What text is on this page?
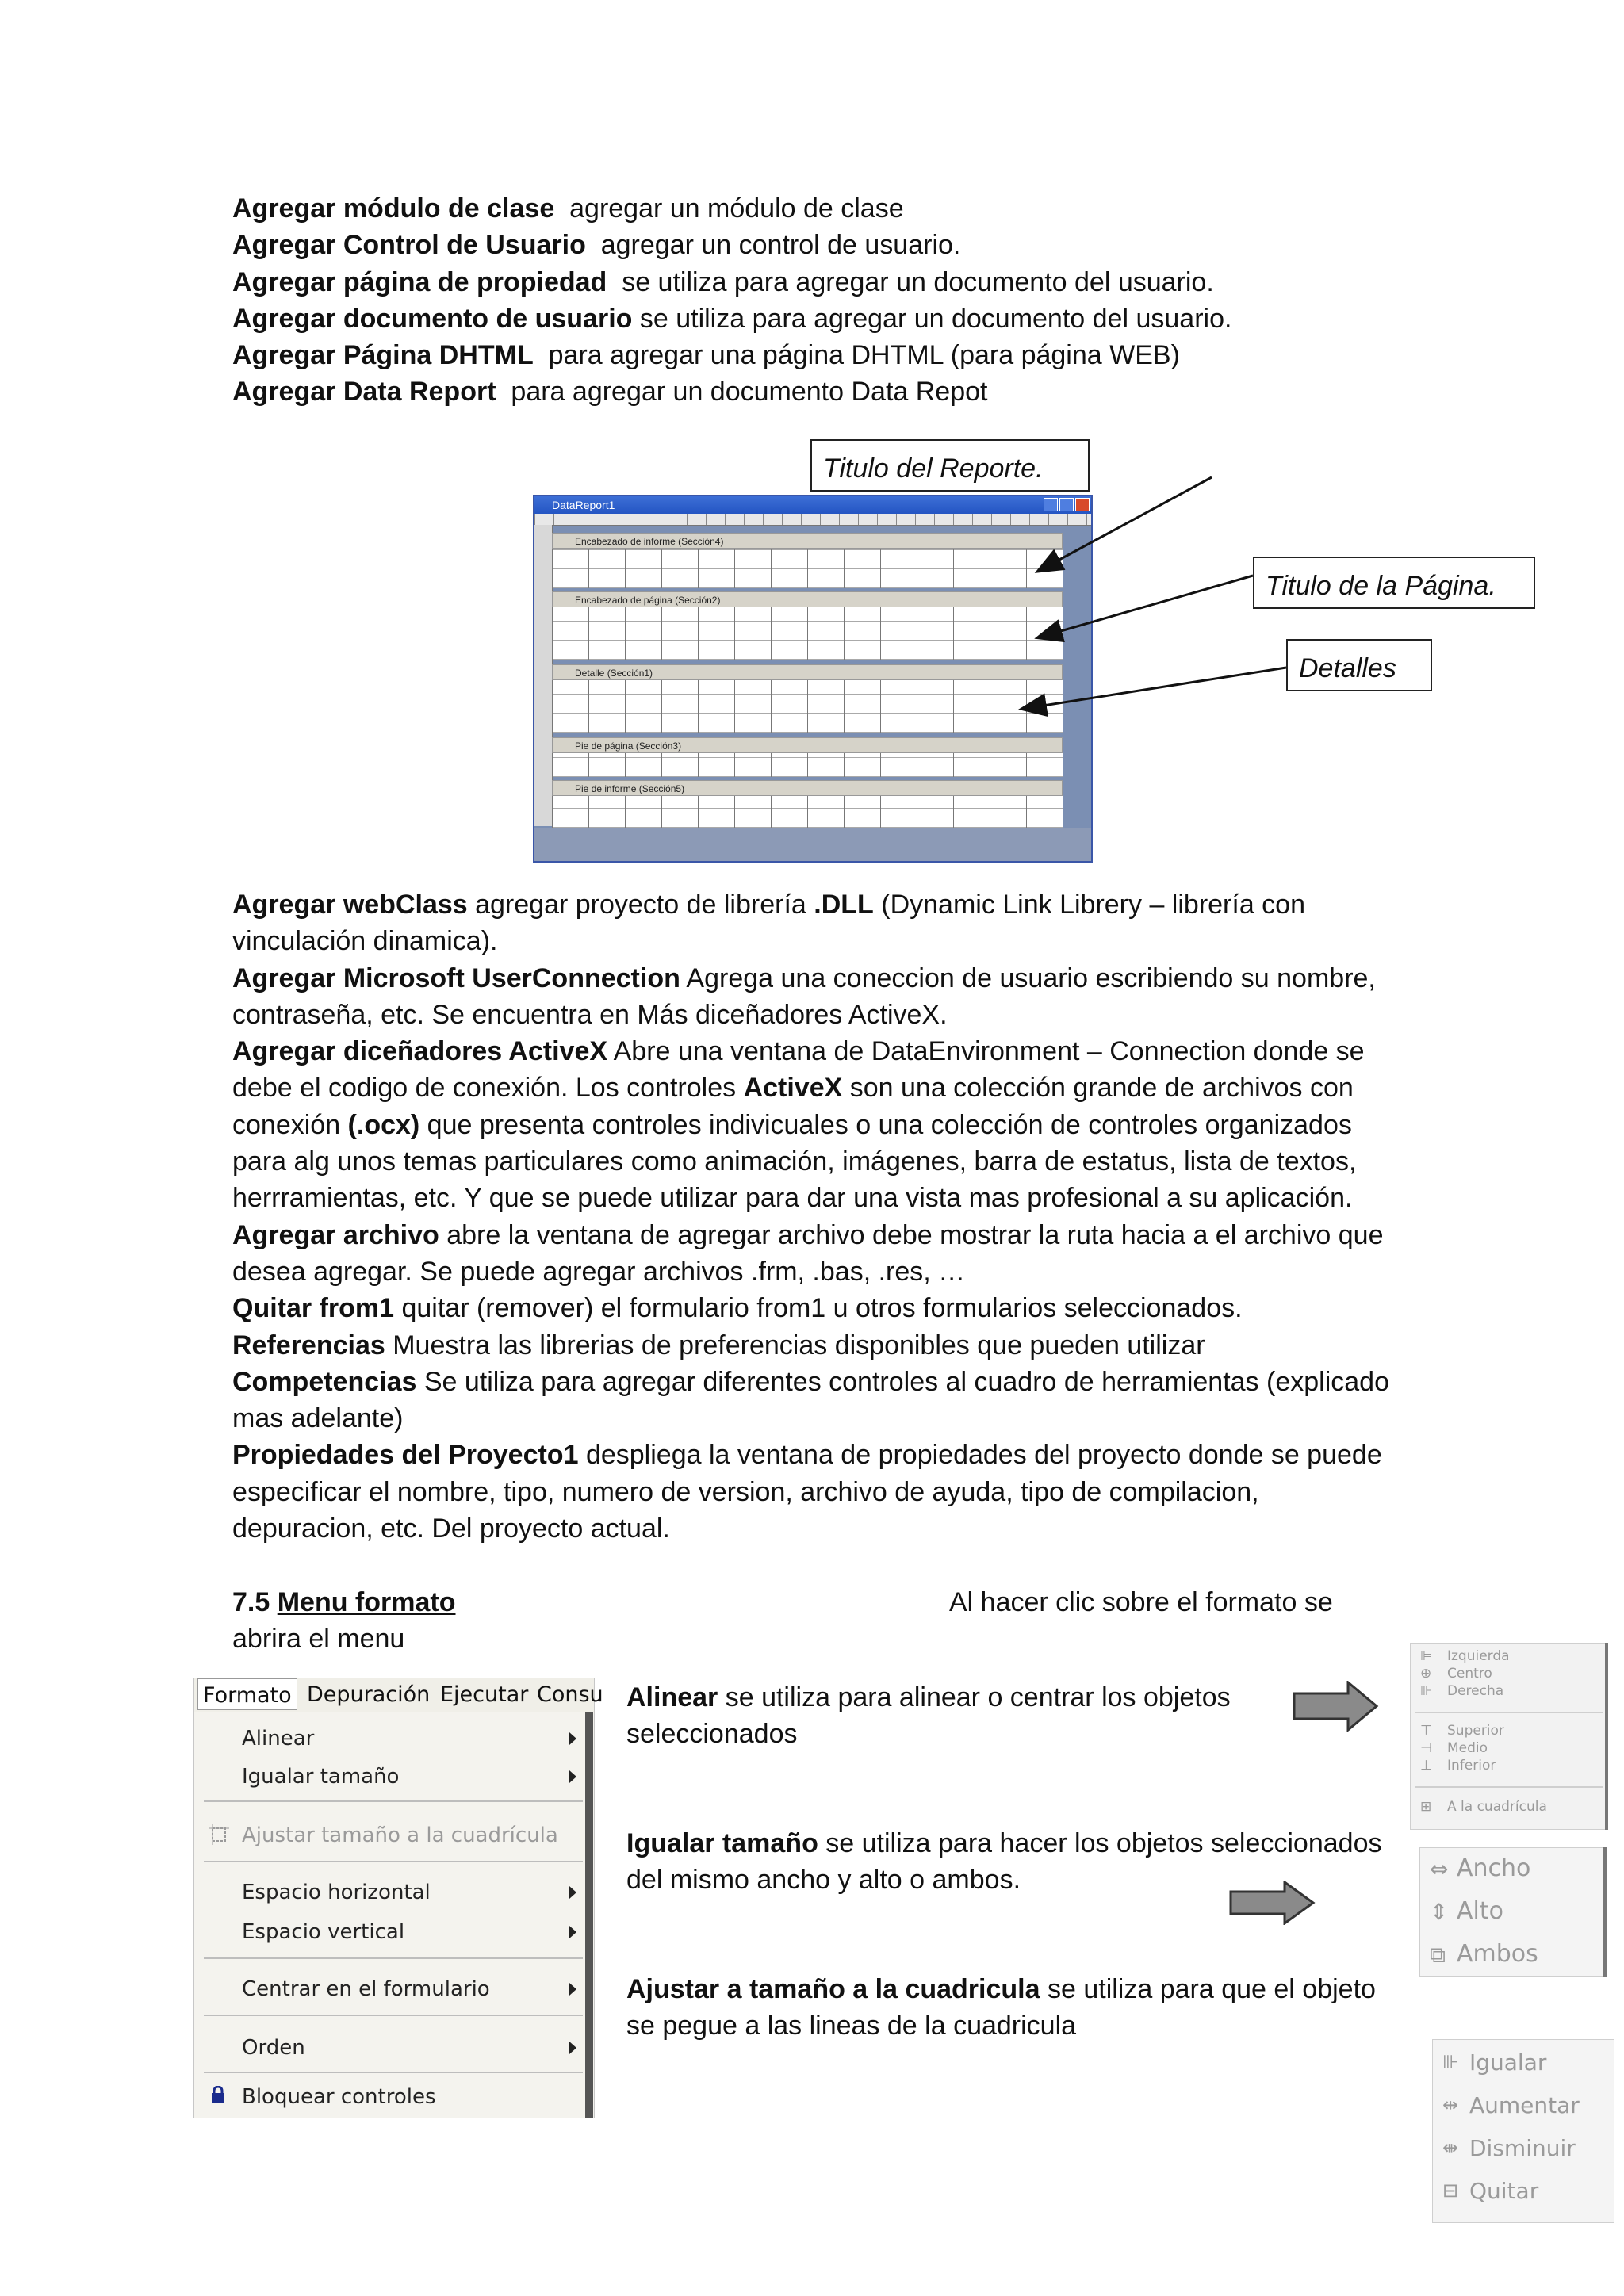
Agregar módulo de clase  agregar un módulo de clase

Agregar Control de Usuario  agregar un control de usuario.

Agregar página de propiedad  se utiliza para agregar un documento del usuario.

Agregar documento de usuario se utiliza para agregar un documento del usuario.

Agregar Página DHTML  para agregar una página DHTML (para página WEB)

Agregar Data Report  para agregar un documento Data Repot

Titulo del Reporte.
Titulo de la Página.
Detalles
DataReport1
Encabezado de informe (Sección4)
Encabezado de página (Sección2)
Detalle (Sección1)
Pie de página (Sección3)
Pie de informe (Sección5)

Agregar webClass agregar proyecto de librería .DLL (Dynamic Link Librery – librería con vinculación dinamica).

Agregar Microsoft UserConnection Agrega una coneccion de usuario escribiendo su nombre, contraseña, etc. Se encuentra en Más diceñadores ActiveX.

Agregar diceñadores ActiveX Abre una ventana de DataEnvironment – Connection donde se debe el codigo de conexión. Los controles ActiveX son una colección grande de archivos con conexión (.ocx) que presenta controles indivicuales o una colección de controles organizados para alg unos temas particulares como animación, imágenes, barra de estatus, lista de textos, herrramientas, etc. Y que se puede utilizar para dar una vista mas profesional a su aplicación.

Agregar archivo abre la ventana de agregar archivo debe mostrar la ruta hacia a el archivo que desea agregar. Se puede agregar archivos .frm, .bas, .res, …

Quitar from1 quitar (remover) el formulario from1 u otros formularios seleccionados.

Referencias Muestra las librerias de preferencias disponibles que pueden utilizar

Competencias Se utiliza para agregar diferentes controles al cuadro de herramientas (explicado mas adelante)

Propiedades del Proyecto1 despliega la ventana de propiedades del proyecto donde se puede especificar el nombre, tipo, numero de version, archivo de ayuda, tipo de compilacion, depuracion, etc. Del proyecto actual.

7.5 Menu formato	Al hacer clic sobre el formato se
abrira el menu
Formato Depuración Ejecutar Consu
Alinear
Igualar tamaño
Ajustar tamaño a la cuadrícula
Espacio horizontal
Espacio vertical
Centrar en el formulario
Orden
Bloquear controles
Alinear se utiliza para alinear o centrar los objetos seleccionados
Igualar tamaño se utiliza para hacer los objetos seleccionados del mismo ancho y alto o ambos.
Ajustar a tamaño a la cuadricula se utiliza para que el objeto se pegue a las lineas de la cuadricula
⊫ Izquierda
⊕ Centro
⊪ Derecha
⊤ Superior
⊣ Medio
⊥ Inferior
⊞ A la cuadrícula
⇔ Ancho
⇕ Alto
⧉ Ambos
⊪ Igualar
⇹ Aumentar
⇼ Disminuir
⊟ Quitar
